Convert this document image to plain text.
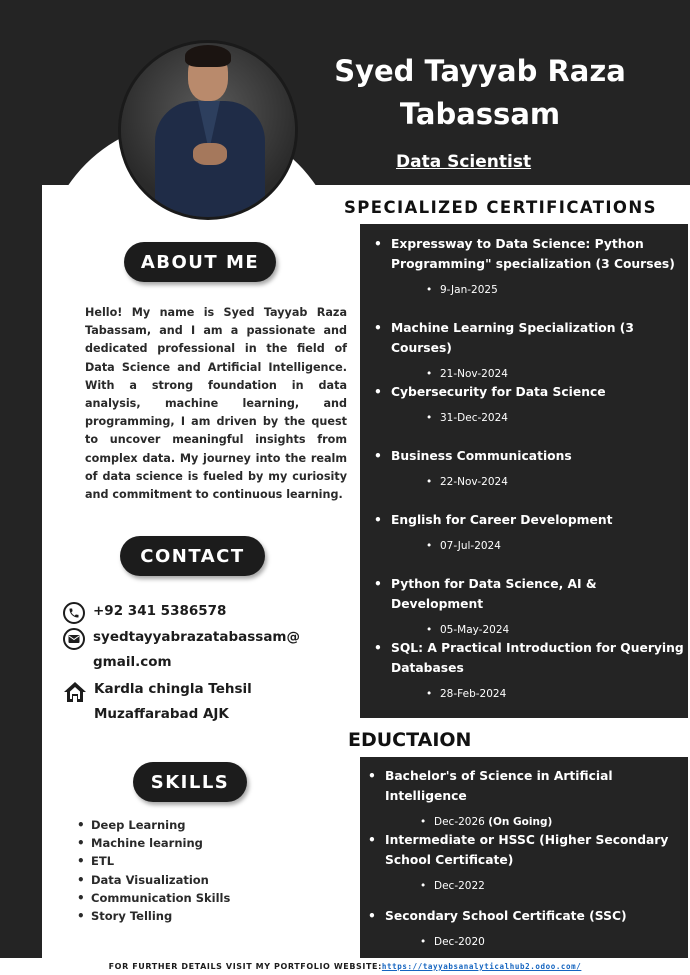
Syed Tayyab Raza Tabassam
Data Scientist
ABOUT ME

Hello! My name is Syed Tayyab Raza Tabassam, and I am a passionate and dedicated professional in the field of Data Science and Artificial Intelligence. With a strong foundation in data analysis, machine learning, and programming, I am driven by the quest to uncover meaningful insights from complex data. My journey into the realm of data science is fueled by my curiosity and commitment to continuous learning.

CONTACT
+92 341 5386578
syedtayyabrazatabassam@ gmail.com
Kardla chingla Tehsil Muzaffarabad AJK
SKILLS
• Deep Learning
• Machine learning
• ETL
• Data Visualization
• Communication Skills
• Story Telling
SPECIALIZED CERTIFICATIONS
• Expressway to Data Science: Python Programming" specialization (3 Courses)
• 9-Jan-2025
• Machine Learning Specialization (3 Courses)
• 21-Nov-2024
• Cybersecurity for Data Science
• 31-Dec-2024
• Business Communications
• 22-Nov-2024
• English for Career Development
• 07-Jul-2024
• Python for Data Science, AI & Development
• 05-May-2024
• SQL: A Practical Introduction for Querying Databases
• 28-Feb-2024
EDUCTAION
• Bachelor's of Science in Artificial Intelligence
• Dec-2026
(On Going)
• Intermediate or HSSC (Higher Secondary School Certificate)
• Dec-2022
• Secondary School Certificate (SSC)
• Dec-2020
FOR FURTHER DETAILS VISIT MY PORTFOLIO WEBSITE:https://tayyabsanalyticalhub2.odoo.com/
